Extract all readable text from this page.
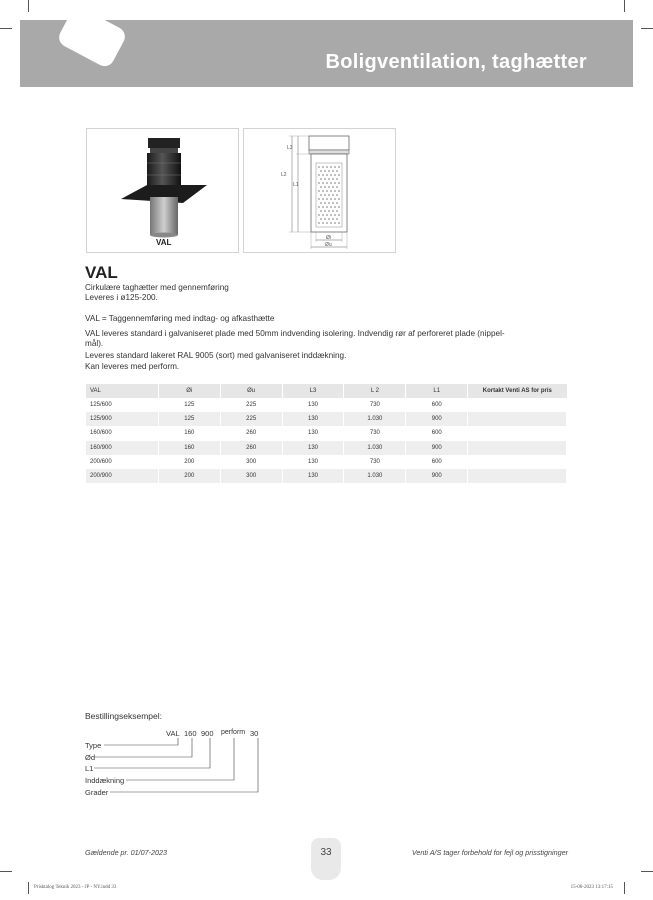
Boligventilation, taghætter
VAL
L3
L2
L1
Øi
Øu
VAL
Cirkulære taghætter med gennemføring
Leveres i ø125-200.
VAL = Taggennemføring med indtag- og afkasthætte
VAL leveres standard i galvaniseret plade med 50mm indvending isolering. Indvendig rør af perforeret plade (nippel-
mål).
Leveres standard lakeret RAL 9005 (sort) med galvaniseret inddækning.
Kan leveres med perform.
VAL	Øi	Øu	L3	L 2	L1	Kortakt Venti AS for pris
125/600	125	225	130	730	600	
125/900	125	225	130	1.030	900	
160/600	160	260	130	730	600	
160/900	160	260	130	1.030	900	
200/600	200	300	130	730	600	
200/900	200	300	130	1.030	900	
Bestillingseksempel:
VAL 160 900 perform 30
Type
Ød
L1
Inddækning
Grader
Gældende pr. 01/07-2023	33	Venti A/S tager forbehold for fejl og prisstigninger
Prisktalog Teknik 2023 - JP - NY.indd 33	15-06-2023 13:17:15
